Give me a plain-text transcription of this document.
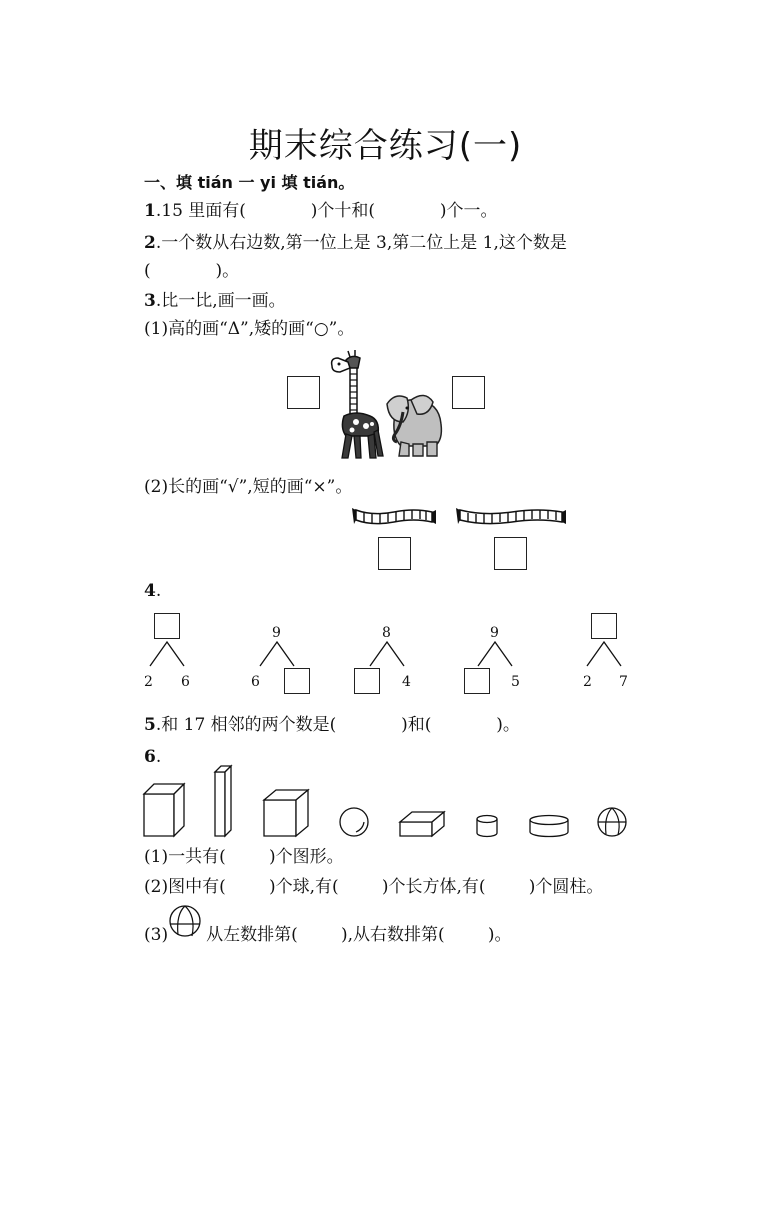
期末综合练习(一)
一、填 tián 一 yi 填 tián。
1.15 里面有(            )个十和(            )个一。
2.一个数从右边数,第一位上是 3,第二位上是 1,这个数是
(            )。
3.比一比,画一画。
(1)高的画“Δ”,矮的画“○”。
(2)长的画“√”,短的画“×”。
4.
2 6
9
6
8
4
9
5	2 7
5.和 17 相邻的两个数是(            )和(            )。
6.
(1)一共有(        )个图形。
(2)图中有(        )个球,有(        )个长方体,有(        )个圆柱。
(3) 从左数排第(        ),从右数排第(        )。
